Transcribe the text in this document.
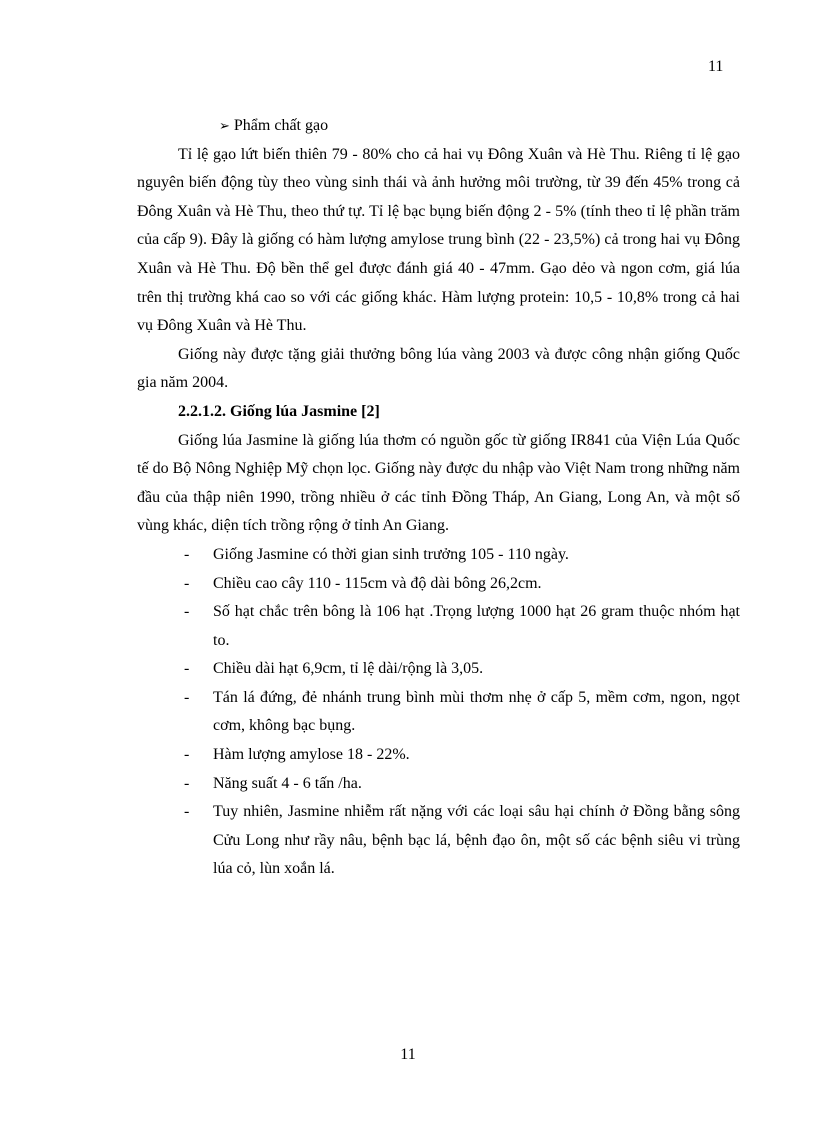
11

➢ Phẩm chất gạo

Tỉ lệ gạo lứt biến thiên 79 - 80% cho cả hai vụ Đông Xuân và Hè Thu. Riêng tỉ lệ gạo nguyên biến động tùy theo vùng sinh thái và ảnh hưởng môi trường, từ 39 đến 45% trong cả Đông Xuân và Hè Thu, theo thứ tự. Tỉ lệ bạc bụng biến động 2 - 5% (tính theo tỉ lệ phần trăm của cấp 9). Đây là giống có hàm lượng amylose trung bình (22 - 23,5%) cả trong hai vụ Đông Xuân và Hè Thu. Độ bền thể gel được đánh giá 40 - 47mm. Gạo dẻo và ngon cơm, giá lúa trên thị trường khá cao so với các giống khác. Hàm lượng protein: 10,5 - 10,8% trong cả hai vụ Đông Xuân và Hè Thu.

Giống này được tặng giải thưởng bông lúa vàng 2003 và được công nhận giống Quốc gia năm 2004.

2.2.1.2. Giống lúa Jasmine [2]

Giống lúa Jasmine là giống lúa thơm có nguồn gốc từ giống IR841 của Viện Lúa Quốc tế do Bộ Nông Nghiệp Mỹ chọn lọc. Giống này được du nhập vào Việt Nam trong những năm đầu của thập niên 1990, trồng nhiều ở các tỉnh Đồng Tháp, An Giang, Long An, và một số vùng khác, diện tích trồng rộng ở tỉnh An Giang.

- Giống Jasmine có thời gian sinh trưởng 105 - 110 ngày.
- Chiều cao cây 110 - 115cm và độ dài bông 26,2cm.
- Số hạt chắc trên bông là 106 hạt .Trọng lượng 1000 hạt 26 gram thuộc nhóm hạt to.
- Chiều dài hạt 6,9cm, tỉ lệ dài/rộng là 3,05.
- Tán lá đứng, đẻ nhánh trung bình mùi thơm nhẹ ở cấp 5, mềm cơm, ngon, ngọt cơm, không bạc bụng.
- Hàm lượng amylose 18 - 22%.
- Năng suất 4 - 6 tấn /ha.
- Tuy nhiên, Jasmine nhiễm rất nặng với các loại sâu hại chính ở Đồng bằng sông Cửu Long như rầy nâu, bệnh bạc lá, bệnh đạo ôn, một số các bệnh siêu vi trùng lúa cỏ, lùn xoắn lá.
11
